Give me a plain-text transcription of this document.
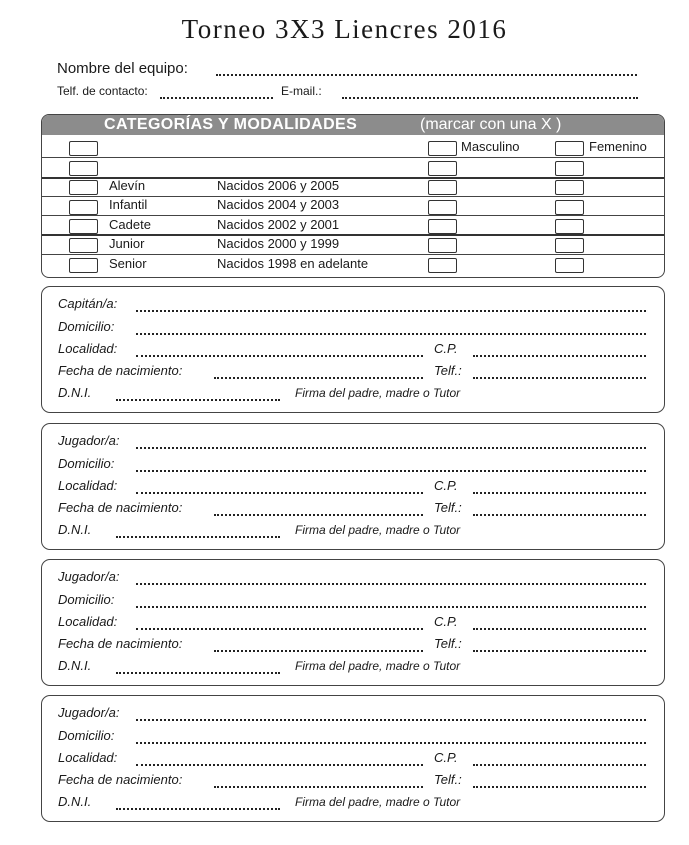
Torneo 3X3 Liencres 2016
Nombre del equipo:
Telf. de contacto:	E-mail.:
CATEGORÍAS Y MODALIDADES	(marcar con una X )
Masculino	Femenino
Alevín	Nacidos 2006 y 2005
Infantil	Nacidos 2004 y 2003
Cadete	Nacidos 2002 y 2001
Junior	Nacidos 2000 y 1999
Senior	Nacidos 1998 en adelante
Capitán/a:
Domicilio:
Localidad:	C.P.
Fecha de nacimiento:	Telf.:
D.N.I.	Firma del padre, madre o Tutor
Jugador/a:
Domicilio:
Localidad:	C.P.
Fecha de nacimiento:	Telf.:
D.N.I.	Firma del padre, madre o Tutor
Jugador/a:
Domicilio:
Localidad:	C.P.
Fecha de nacimiento:	Telf.:
D.N.I.	Firma del padre, madre o Tutor
Jugador/a:
Domicilio:
Localidad:	C.P.
Fecha de nacimiento:	Telf.:
D.N.I.	Firma del padre, madre o Tutor
